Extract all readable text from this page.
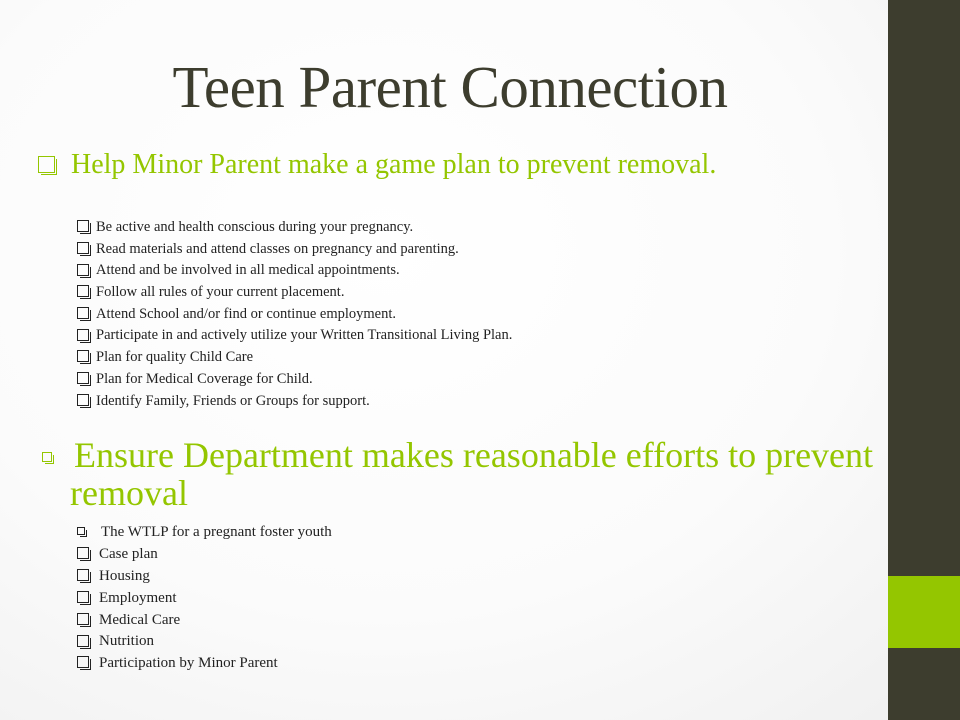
Teen Parent Connection
Help Minor Parent make a game plan to prevent removal.
Be active and health conscious during your pregnancy.
Read materials and attend classes on pregnancy and parenting.
Attend and be involved in all medical appointments.
Follow all rules of your current placement.
Attend School and/or find or continue employment.
Participate in and actively utilize your Written Transitional Living Plan.
Plan for quality Child Care
Plan for Medical Coverage for Child.
Identify Family, Friends or Groups for support.
Ensure Department makes reasonable efforts to prevent removal
The WTLP for a pregnant foster youth
Case plan
Housing
Employment
Medical Care
Nutrition
Participation by Minor Parent
